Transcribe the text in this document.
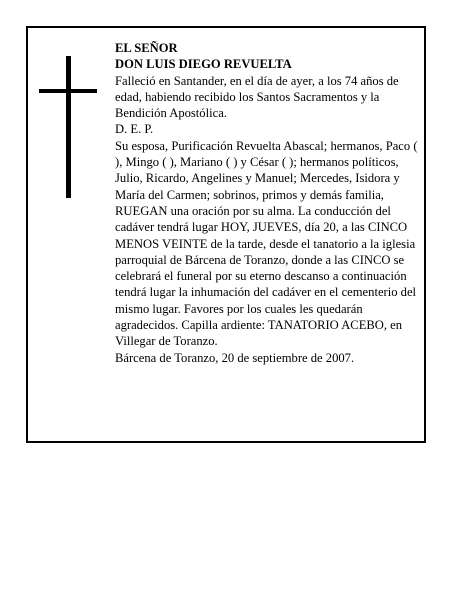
EL SEÑOR

DON LUIS DIEGO REVUELTA

Falleció en Santander, en el día de ayer, a los 74 años de edad, habiendo recibido los Santos Sacramentos y la Bendición Apostólica.

D. E. P.

Su esposa, Purificación Revuelta Abascal; hermanos, Paco ( ), Mingo ( ), Mariano ( ) y César ( ); hermanos políticos, Julio, Ricardo, Angelines y Manuel; Mercedes, Isidora y María del Carmen; sobrinos, primos y demás familia,

RUEGAN una oración por su alma. La conducción del cadáver tendrá lugar HOY, JUEVES, día 20, a las CINCO MENOS VEINTE de la tarde, desde el tanatorio a la iglesia parroquial de Bárcena de Toranzo, donde a las CINCO se celebrará el funeral por su eterno descanso a continuación tendrá lugar la inhumación del cadáver en el cementerio del mismo lugar. Favores por los cuales les quedarán agradecidos. Capilla ardiente: TANATORIO ACEBO, en Villegar de Toranzo.

Bárcena de Toranzo, 20 de septiembre de 2007.
